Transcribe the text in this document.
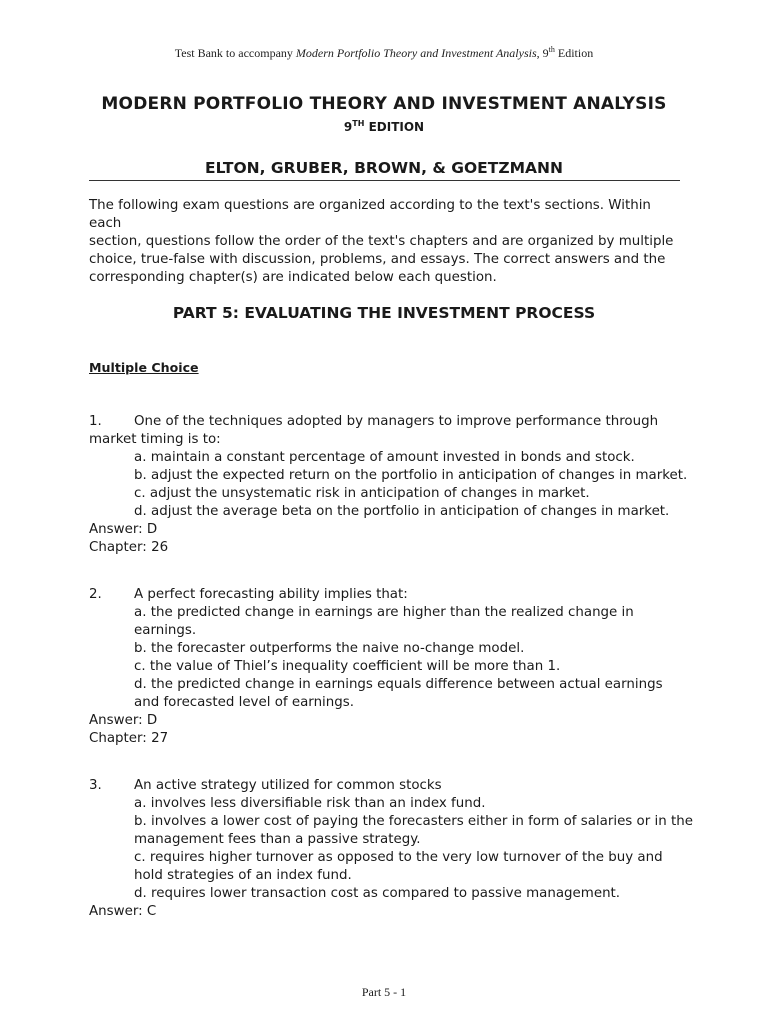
Test Bank to accompany Modern Portfolio Theory and Investment Analysis, 9th Edition
MODERN PORTFOLIO THEORY AND INVESTMENT ANALYSIS
9TH EDITION
ELTON, GRUBER, BROWN, & GOETZMANN
The following exam questions are organized according to the text's sections. Within each
section, questions follow the order of the text's chapters and are organized by multiple
choice, true-false with discussion, problems, and essays. The correct answers and the
corresponding chapter(s) are indicated below each question.
PART 5: EVALUATING THE INVESTMENT PROCESS
Multiple Choice
1. One of the techniques adopted by managers to improve performance through
market timing is to:
a. maintain a constant percentage of amount invested in bonds and stock.
b. adjust the expected return on the portfolio in anticipation of changes in market.
c. adjust the unsystematic risk in anticipation of changes in market.
d. adjust the average beta on the portfolio in anticipation of changes in market.
Answer: D
Chapter: 26
2. A perfect forecasting ability implies that:
a. the predicted change in earnings are higher than the realized change in
earnings.
b. the forecaster outperforms the naive no-change model.
c. the value of Thiel’s inequality coefficient will be more than 1.
d. the predicted change in earnings equals difference between actual earnings
and forecasted level of earnings.
Answer: D
Chapter: 27
3. An active strategy utilized for common stocks
a. involves less diversifiable risk than an index fund.
b. involves a lower cost of paying the forecasters either in form of salaries or in the
management fees than a passive strategy.
c. requires higher turnover as opposed to the very low turnover of the buy and
hold strategies of an index fund.
d. requires lower transaction cost as compared to passive management.
Answer: C
Part 5 - 1
